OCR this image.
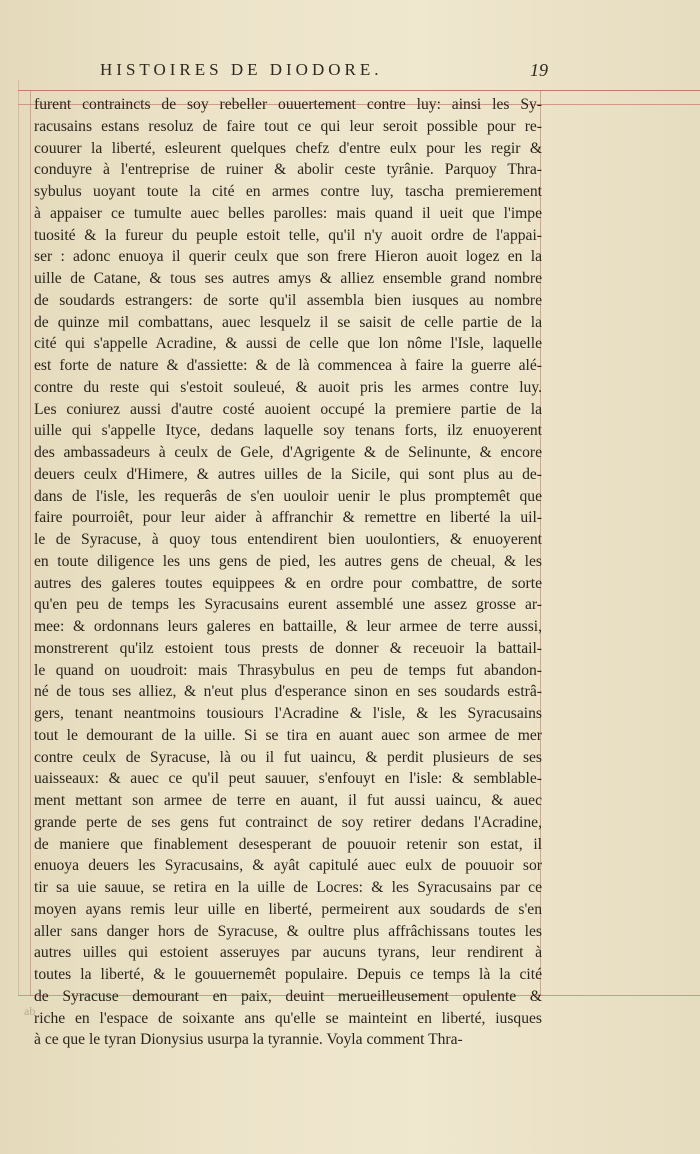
HISTOIRES DE DIODORE.	19
furent contraincts de soy rebeller ouuertement contre luy: ainsi les Sy-
racusains estans resoluz de faire tout ce qui leur seroit possible pour re-
couurer la liberté, esleurent quelques chefz d'entre eulx pour les regir &
conduyre à l'entreprise de ruiner & abolir ceste tyrânie. Parquoy Thra-
sybulus uoyant toute la cité en armes contre luy, tascha premierement
à appaiser ce tumulte auec belles parolles: mais quand il ueit que l'impe
tuosité & la fureur du peuple estoit telle, qu'il n'y auoit ordre de l'appai-
ser : adonc enuoya il querir ceulx que son frere Hieron auoit logez en la
uille de Catane, & tous ses autres amys & alliez ensemble grand nombre
de soudards estrangers: de sorte qu'il assembla bien iusques au nombre
de quinze mil combattans, auec lesquelz il se saisit de celle partie de la
cité qui s'appelle Acradine, & aussi de celle que lon nôme l'Isle, laquelle
est forte de nature & d'assiette: & de là commencea à faire la guerre alé-
contre du reste qui s'estoit souleué, & auoit pris les armes contre luy.
Les coniurez aussi d'autre costé auoient occupé la premiere partie de la
uille qui s'appelle Ityce, dedans laquelle soy tenans forts, ilz enuoyerent
des ambassadeurs à ceulx de Gele, d'Agrigente & de Selinunte, & encore
deuers ceulx d'Himere, & autres uilles de la Sicile, qui sont plus au de-
dans de l'isle, les requerâs de s'en uouloir uenir le plus promptemêt que
faire pourroiêt, pour leur aider à affranchir & remettre en liberté la uil-
le de Syracuse, à quoy tous entendirent bien uoulontiers, & enuoyerent
en toute diligence les uns gens de pied, les autres gens de cheual, & les
autres des galeres toutes equippees & en ordre pour combattre, de sorte
qu'en peu de temps les Syracusains eurent assemblé une assez grosse ar-
mee: & ordonnans leurs galeres en battaille, & leur armee de terre aussi,
monstrerent qu'ilz estoient tous prests de donner & receuoir la battail-
le quand on uoudroit: mais Thrasybulus en peu de temps fut abandon-
né de tous ses alliez, & n'eut plus d'esperance sinon en ses soudards estrâ-
gers, tenant neantmoins tousiours l'Acradine & l'isle, & les Syracusains
tout le demourant de la uille. Si se tira en auant auec son armee de mer
contre ceulx de Syracuse, là ou il fut uaincu, & perdit plusieurs de ses
uaisseaux: & auec ce qu'il peut sauuer, s'enfouyt en l'isle: & semblable-
ment mettant son armee de terre en auant, il fut aussi uaincu, & auec
grande perte de ses gens fut contrainct de soy retirer dedans l'Acradine,
de maniere que finablement desesperant de pouuoir retenir son estat, il
enuoya deuers les Syracusains, & ayât capitulé auec eulx de pouuoir sor
tir sa uie sauue, se retira en la uille de Locres: & les Syracusains par ce
moyen ayans remis leur uille en liberté, permeirent aux soudards de s'en
aller sans danger hors de Syracuse, & oultre plus affrâchissans toutes les
autres uilles qui estoient asseruyes par aucuns tyrans, leur rendirent à
toutes la liberté, & le gouuernemêt populaire. Depuis ce temps là la cité
de Syracuse demourant en paix, deuint merueilleusement opulente &
riche en l'espace de soixante ans qu'elle se mainteint en liberté, iusques
à ce que le tyran Dionysius usurpa la tyrannie. Voyla comment Thra-
ab
